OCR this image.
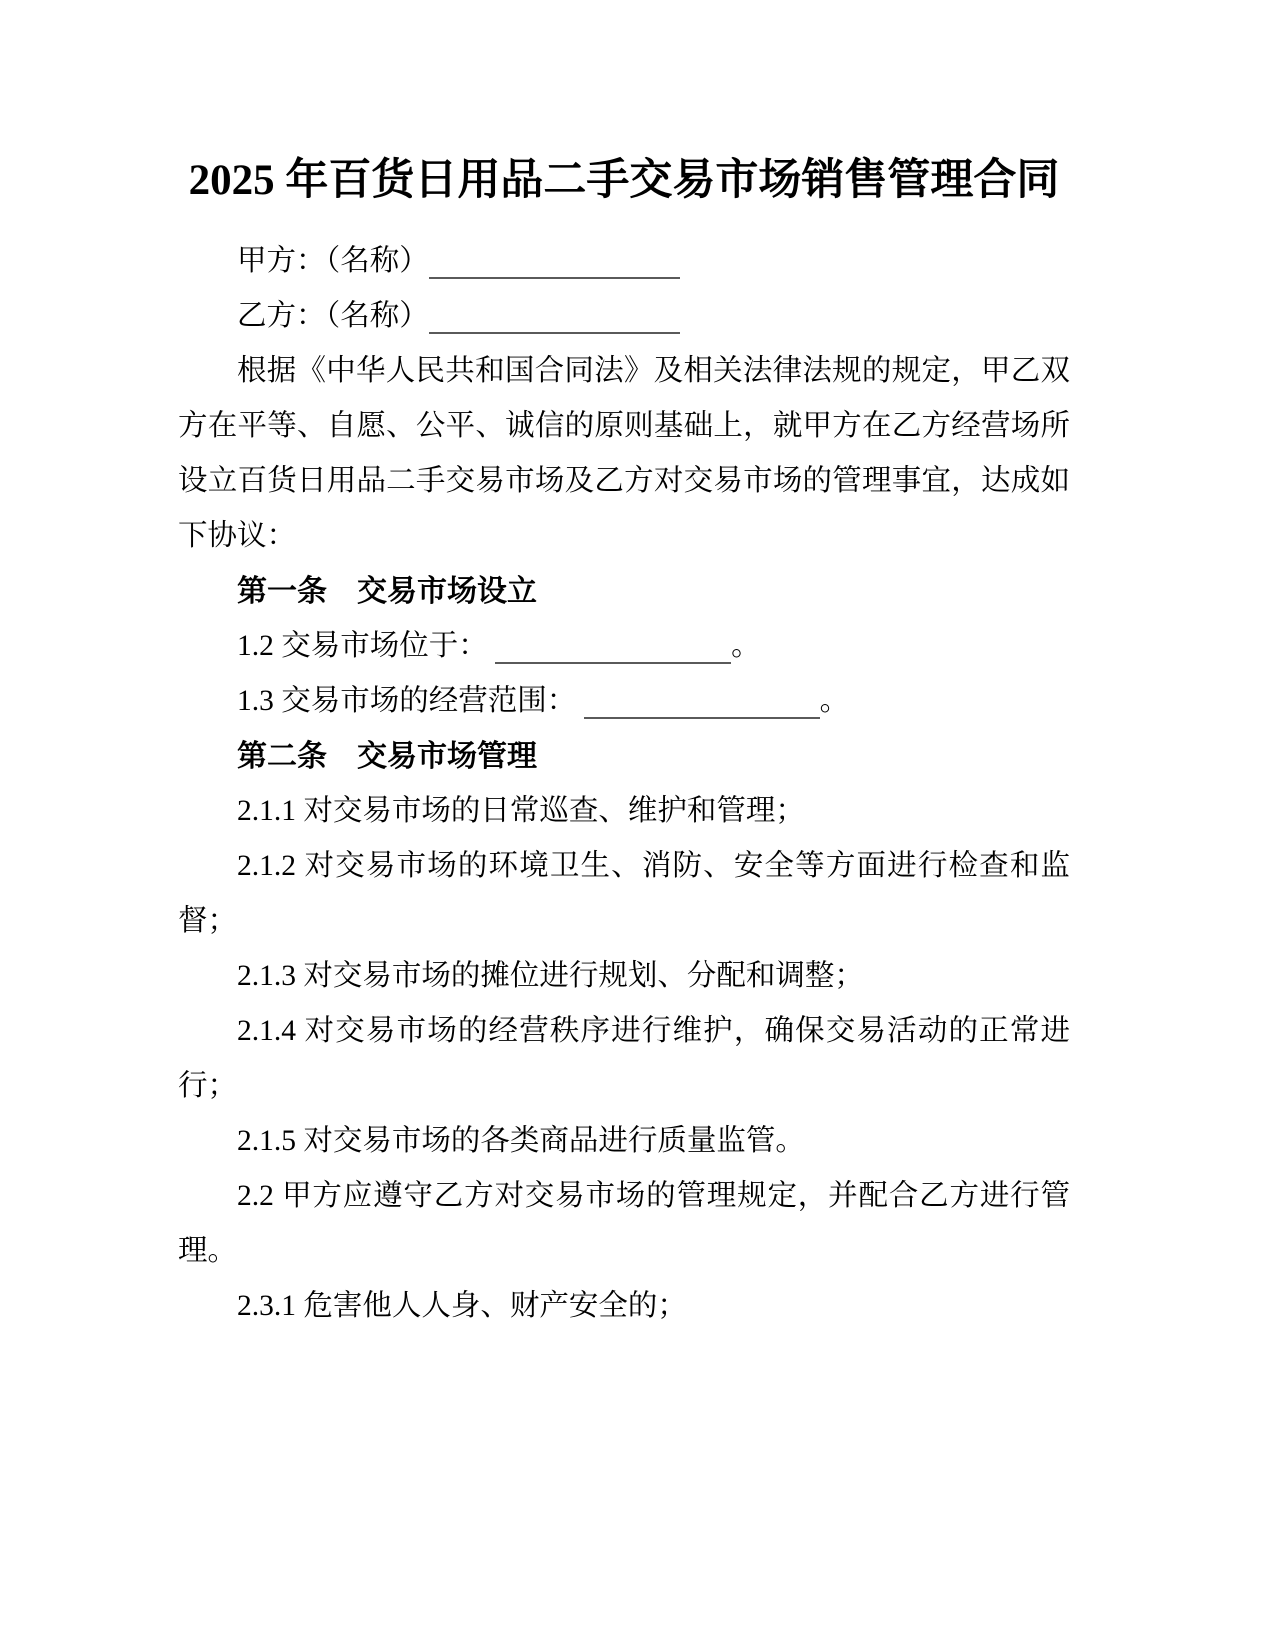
2025 年百货日用品二手交易市场销售管理合同

甲方：（名称）

乙方：（名称）

根据《中华人民共和国合同法》及相关法律法规的规定，甲乙双方在平等、自愿、公平、诚信的原则基础上，就甲方在乙方经营场所设立百货日用品二手交易市场及乙方对交易市场的管理事宜，达成如下协议：

第一条　交易市场设立

1.2 交易市场位于：	。

1.3 交易市场的经营范围：	。

第二条　交易市场管理

2.1.1 对交易市场的日常巡查、维护和管理；

2.1.2 对交易市场的环境卫生、消防、安全等方面进行检查和监督；

2.1.3 对交易市场的摊位进行规划、分配和调整；

2.1.4 对交易市场的经营秩序进行维护，确保交易活动的正常进行；

2.1.5 对交易市场的各类商品进行质量监管。

2.2 甲方应遵守乙方对交易市场的管理规定，并配合乙方进行管理。

2.3.1 危害他人人身、财产安全的；
